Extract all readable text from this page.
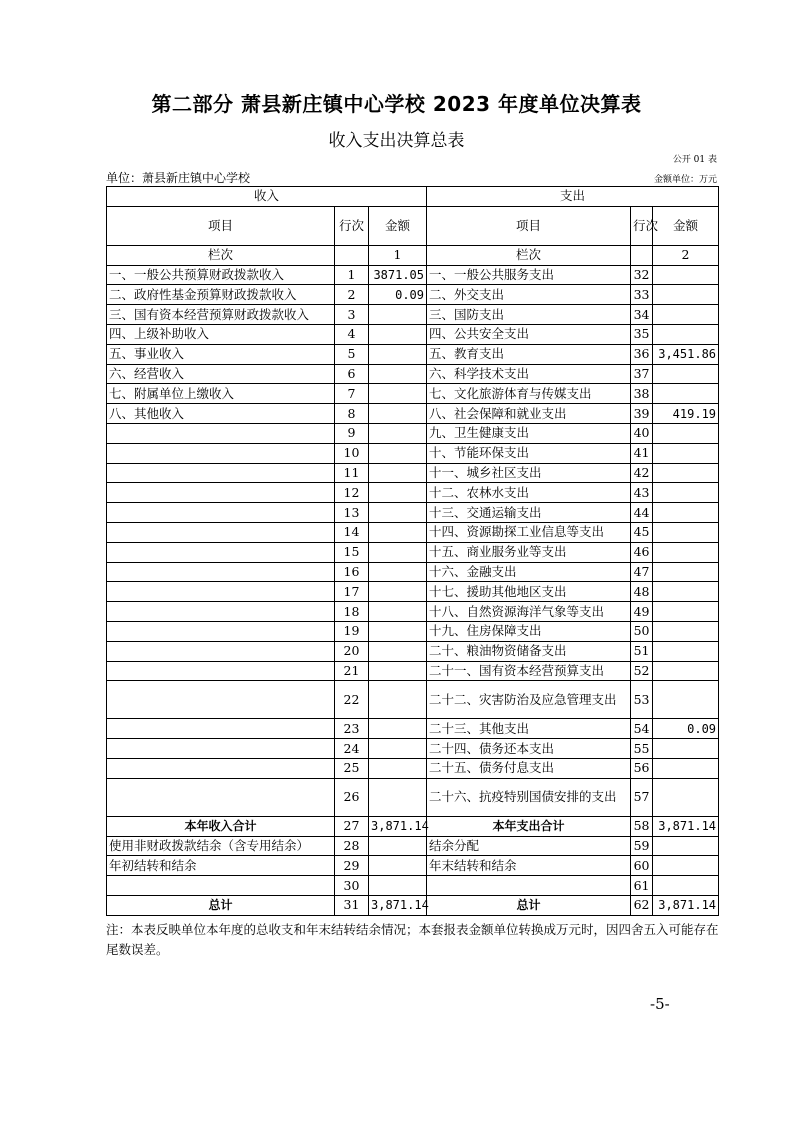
第二部分 萧县新庄镇中心学校 2023 年度单位决算表
收入支出决算总表
公开 01 表
单位：萧县新庄镇中心学校	金额单位：万元
收入			支出		
项目	行次	金额	项目	行次	金额
栏次		1	栏次		2
一、一般公共预算财政拨款收入	1	3871.05	一、一般公共服务支出	32	
二、政府性基金预算财政拨款收入	2	0.09	二、外交支出	33	
三、国有资本经营预算财政拨款收入	3		三、国防支出	34	
四、上级补助收入	4		四、公共安全支出	35	
五、事业收入	5		五、教育支出	36	3,451.86
六、经营收入	6		六、科学技术支出	37	
七、附属单位上缴收入	7		七、文化旅游体育与传媒支出	38	
八、其他收入	8		八、社会保障和就业支出	39	419.19
	9		九、卫生健康支出	40	
	10		十、节能环保支出	41	
	11		十一、城乡社区支出	42	
	12		十二、农林水支出	43	
	13		十三、交通运输支出	44	
	14		十四、资源勘探工业信息等支出	45	
	15		十五、商业服务业等支出	46	
	16		十六、金融支出	47	
	17		十七、援助其他地区支出	48	
	18		十八、自然资源海洋气象等支出	49	
	19		十九、住房保障支出	50	
	20		二十、粮油物资储备支出	51	
	21		二十一、国有资本经营预算支出	52	
	22		二十二、灾害防治及应急管理支出	53	
	23		二十三、其他支出	54	0.09
	24		二十四、债务还本支出	55	
	25		二十五、债务付息支出	56	
	26		二十六、抗疫特别国债安排的支出	57	
本年收入合计	27	3,871.14	本年支出合计	58	3,871.14
使用非财政拨款结余（含专用结余）	28		结余分配	59	
年初结转和结余	29		年末结转和结余	60	
	30			61	
总计	31	3,871.14	总计	62	3,871.14
注：本表反映单位本年度的总收支和年末结转结余情况；本套报表金额单位转换成万元时，因四舍五入可能存在尾数误差。
-5-
